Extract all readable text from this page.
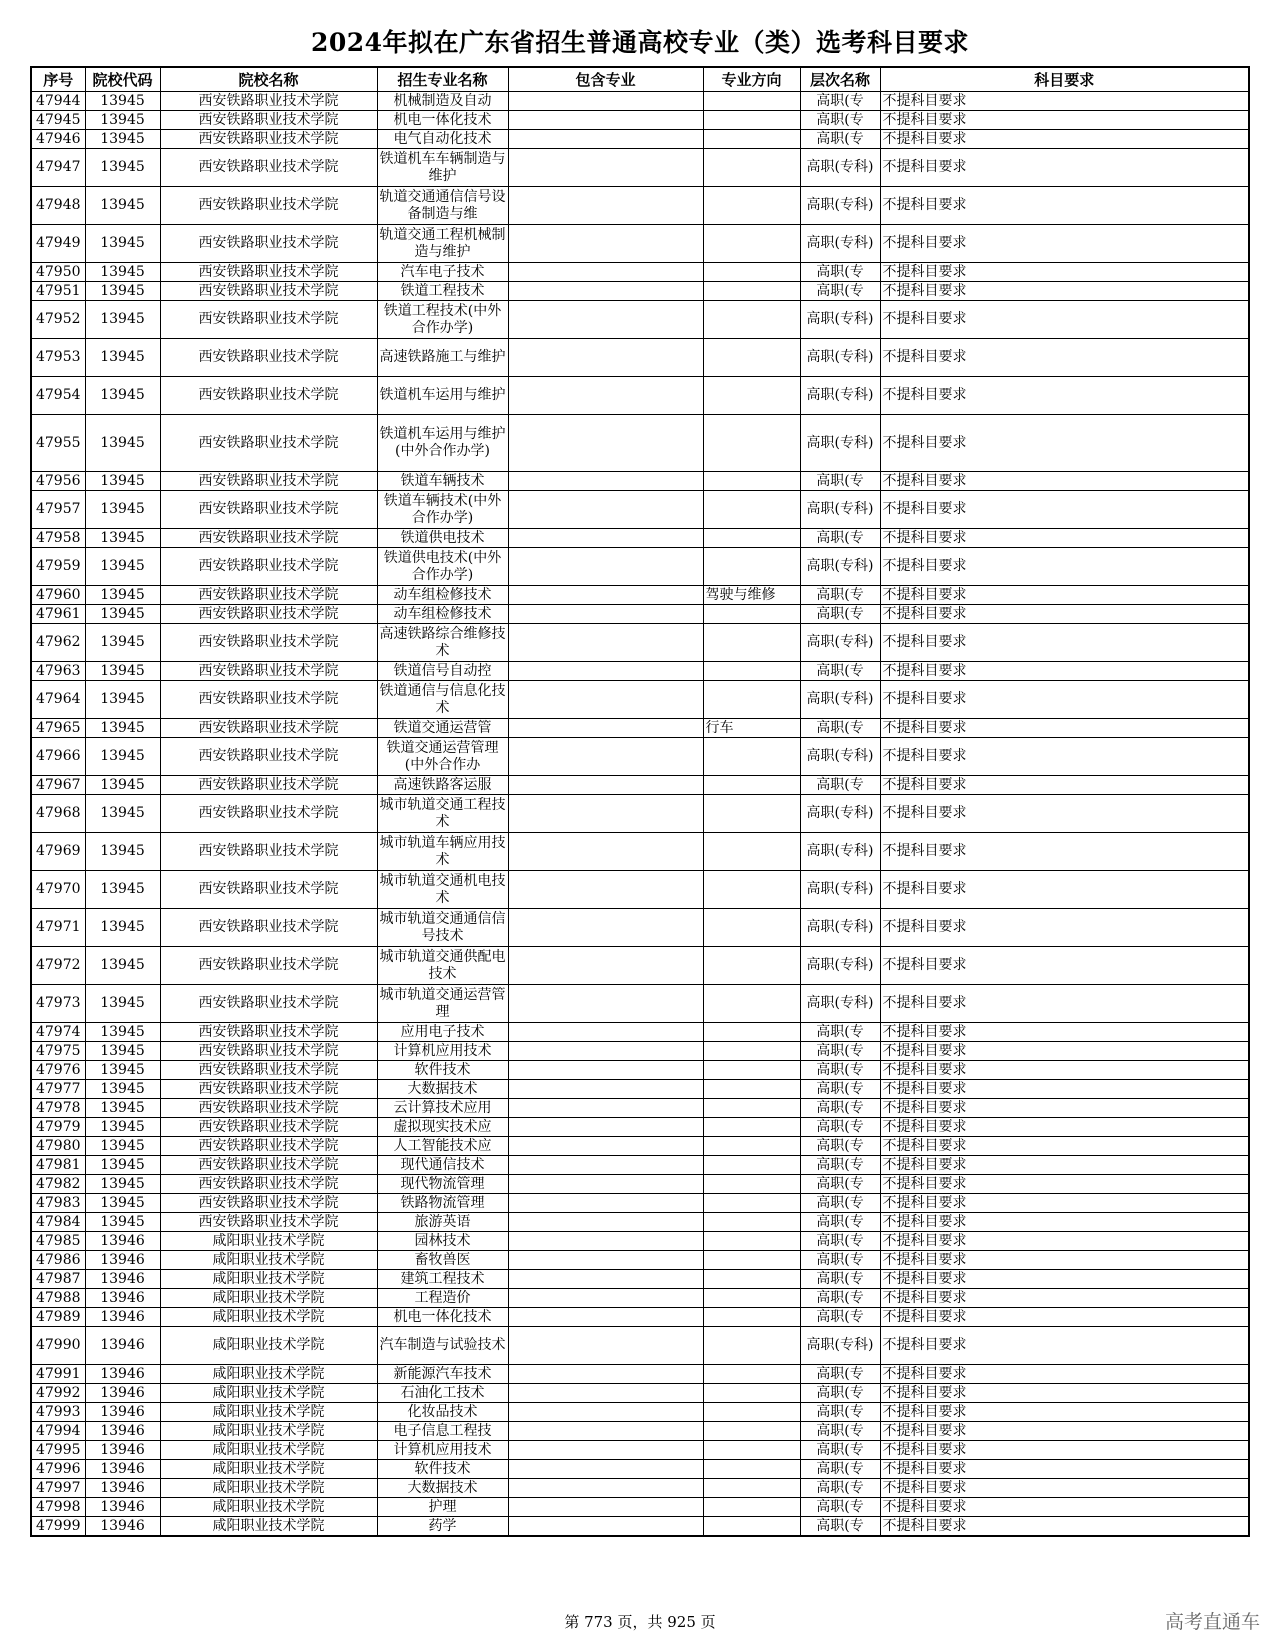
2024年拟在广东省招生普通高校专业（类）选考科目要求
序号	院校代码	院校名称	招生专业名称	包含专业	专业方向	层次名称	科目要求
47944	13945	西安铁路职业技术学院	机械制造及自动			高职(专	不提科目要求
47945	13945	西安铁路职业技术学院	机电一体化技术			高职(专	不提科目要求
47946	13945	西安铁路职业技术学院	电气自动化技术			高职(专	不提科目要求
47947	13945	西安铁路职业技术学院	铁道机车车辆制造与维护			高职(专科)	不提科目要求
47948	13945	西安铁路职业技术学院	轨道交通通信信号设备制造与维			高职(专科)	不提科目要求
47949	13945	西安铁路职业技术学院	轨道交通工程机械制造与维护			高职(专科)	不提科目要求
47950	13945	西安铁路职业技术学院	汽车电子技术			高职(专	不提科目要求
47951	13945	西安铁路职业技术学院	铁道工程技术			高职(专	不提科目要求
47952	13945	西安铁路职业技术学院	铁道工程技术(中外合作办学)			高职(专科)	不提科目要求
47953	13945	西安铁路职业技术学院	高速铁路施工与维护			高职(专科)	不提科目要求
47954	13945	西安铁路职业技术学院	铁道机车运用与维护			高职(专科)	不提科目要求
47955	13945	西安铁路职业技术学院	铁道机车运用与维护(中外合作办学)			高职(专科)	不提科目要求
47956	13945	西安铁路职业技术学院	铁道车辆技术			高职(专	不提科目要求
47957	13945	西安铁路职业技术学院	铁道车辆技术(中外合作办学)			高职(专科)	不提科目要求
47958	13945	西安铁路职业技术学院	铁道供电技术			高职(专	不提科目要求
47959	13945	西安铁路职业技术学院	铁道供电技术(中外合作办学)			高职(专科)	不提科目要求
47960	13945	西安铁路职业技术学院	动车组检修技术		驾驶与维修	高职(专	不提科目要求
47961	13945	西安铁路职业技术学院	动车组检修技术			高职(专	不提科目要求
47962	13945	西安铁路职业技术学院	高速铁路综合维修技术			高职(专科)	不提科目要求
47963	13945	西安铁路职业技术学院	铁道信号自动控			高职(专	不提科目要求
47964	13945	西安铁路职业技术学院	铁道通信与信息化技术			高职(专科)	不提科目要求
47965	13945	西安铁路职业技术学院	铁道交通运营管		行车	高职(专	不提科目要求
47966	13945	西安铁路职业技术学院	铁道交通运营管理(中外合作办			高职(专科)	不提科目要求
47967	13945	西安铁路职业技术学院	高速铁路客运服			高职(专	不提科目要求
47968	13945	西安铁路职业技术学院	城市轨道交通工程技术			高职(专科)	不提科目要求
47969	13945	西安铁路职业技术学院	城市轨道车辆应用技术			高职(专科)	不提科目要求
47970	13945	西安铁路职业技术学院	城市轨道交通机电技术			高职(专科)	不提科目要求
47971	13945	西安铁路职业技术学院	城市轨道交通通信信号技术			高职(专科)	不提科目要求
47972	13945	西安铁路职业技术学院	城市轨道交通供配电技术			高职(专科)	不提科目要求
47973	13945	西安铁路职业技术学院	城市轨道交通运营管理			高职(专科)	不提科目要求
47974	13945	西安铁路职业技术学院	应用电子技术			高职(专	不提科目要求
47975	13945	西安铁路职业技术学院	计算机应用技术			高职(专	不提科目要求
47976	13945	西安铁路职业技术学院	软件技术			高职(专	不提科目要求
47977	13945	西安铁路职业技术学院	大数据技术			高职(专	不提科目要求
47978	13945	西安铁路职业技术学院	云计算技术应用			高职(专	不提科目要求
47979	13945	西安铁路职业技术学院	虚拟现实技术应			高职(专	不提科目要求
47980	13945	西安铁路职业技术学院	人工智能技术应			高职(专	不提科目要求
47981	13945	西安铁路职业技术学院	现代通信技术			高职(专	不提科目要求
47982	13945	西安铁路职业技术学院	现代物流管理			高职(专	不提科目要求
47983	13945	西安铁路职业技术学院	铁路物流管理			高职(专	不提科目要求
47984	13945	西安铁路职业技术学院	旅游英语			高职(专	不提科目要求
47985	13946	咸阳职业技术学院	园林技术			高职(专	不提科目要求
47986	13946	咸阳职业技术学院	畜牧兽医			高职(专	不提科目要求
47987	13946	咸阳职业技术学院	建筑工程技术			高职(专	不提科目要求
47988	13946	咸阳职业技术学院	工程造价			高职(专	不提科目要求
47989	13946	咸阳职业技术学院	机电一体化技术			高职(专	不提科目要求
47990	13946	咸阳职业技术学院	汽车制造与试验技术			高职(专科)	不提科目要求
47991	13946	咸阳职业技术学院	新能源汽车技术			高职(专	不提科目要求
47992	13946	咸阳职业技术学院	石油化工技术			高职(专	不提科目要求
47993	13946	咸阳职业技术学院	化妆品技术			高职(专	不提科目要求
47994	13946	咸阳职业技术学院	电子信息工程技			高职(专	不提科目要求
47995	13946	咸阳职业技术学院	计算机应用技术			高职(专	不提科目要求
47996	13946	咸阳职业技术学院	软件技术			高职(专	不提科目要求
47997	13946	咸阳职业技术学院	大数据技术			高职(专	不提科目要求
47998	13946	咸阳职业技术学院	护理			高职(专	不提科目要求
47999	13946	咸阳职业技术学院	药学			高职(专	不提科目要求
第 773 页，共 925 页	高考直通车
